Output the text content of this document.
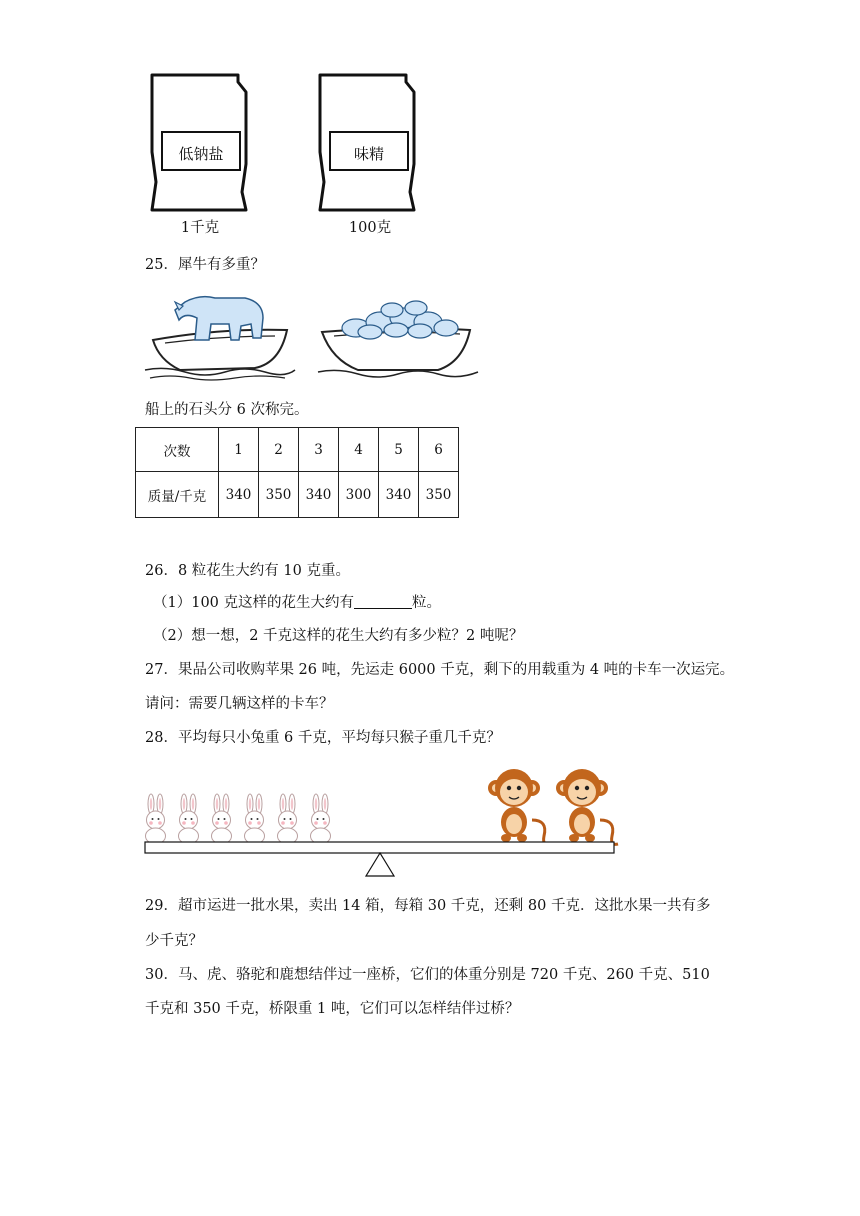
低钠盐
1千克
味精
100克
25．犀牛有多重？
船上的石头分 6 次称完。
次数	1	2	3	4	5	6
质量/千克	340	350	340	300	340	350
26．8 粒花生大约有 10 克重。
（1）100 克这样的花生大约有	粒。
（2）想一想，2 千克这样的花生大约有多少粒？2 吨呢？
27．果品公司收购苹果 26 吨，先运走 6000 千克，剩下的用载重为 4 吨的卡车一次运完。
请问：需要几辆这样的卡车？
28．平均每只小兔重 6 千克，平均每只猴子重几千克？
29．超市运进一批水果，卖出 14 箱，每箱 30 千克，还剩 80 千克．这批水果一共有多
少千克？
30．马、虎、骆驼和鹿想结伴过一座桥，它们的体重分别是 720 千克、260 千克、510
千克和 350 千克，桥限重 1 吨，它们可以怎样结伴过桥？
